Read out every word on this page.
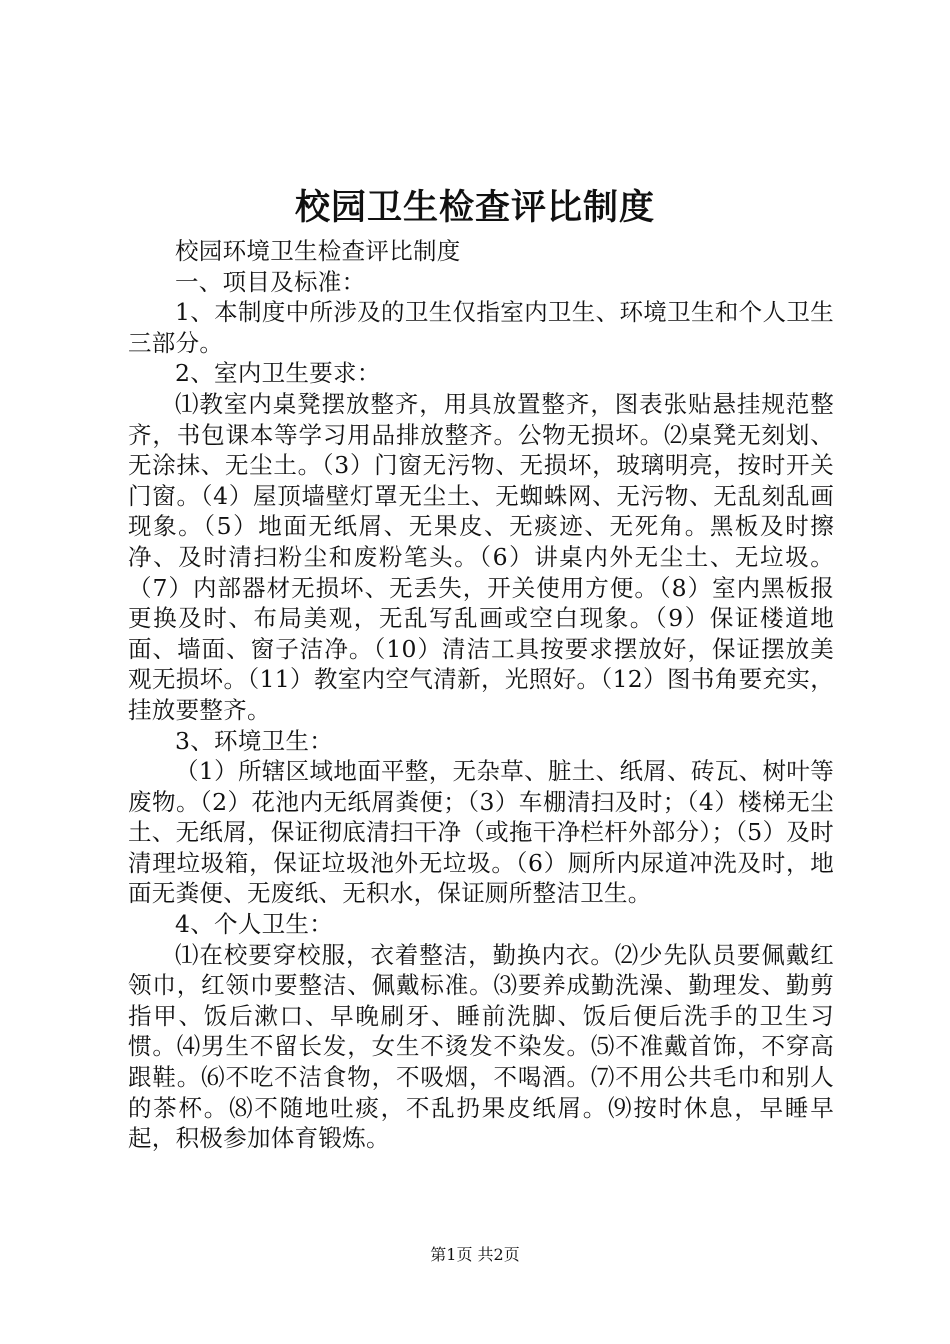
校园卫生检查评比制度

校园环境卫生检查评比制度

一、项目及标准：

1、本制度中所涉及的卫生仅指室内卫生、环境卫生和个人卫生三部分。

2、室内卫生要求：

⑴教室内桌凳摆放整齐，用具放置整齐，图表张贴悬挂规范整齐，书包课本等学习用品排放整齐。公物无损坏。⑵桌凳无刻划、无涂抹、无尘土。（3）门窗无污物、无损坏，玻璃明亮，按时开关门窗。（4）屋顶墙壁灯罩无尘土、无蜘蛛网、无污物、无乱刻乱画现象。（5）地面无纸屑、无果皮、无痰迹、无死角。黑板及时擦净、及时清扫粉尘和废粉笔头。（6）讲桌内外无尘土、无垃圾。（7）内部器材无损坏、无丢失，开关使用方便。（8）室内黑板报更换及时、布局美观，无乱写乱画或空白现象。（9）保证楼道地面、墙面、窗子洁净。（10）清洁工具按要求摆放好，保证摆放美观无损坏。（11）教室内空气清新，光照好。（12）图书角要充实，挂放要整齐。

3、环境卫生：

（1）所辖区域地面平整，无杂草、脏土、纸屑、砖瓦、树叶等废物。（2）花池内无纸屑粪便；（3）车棚清扫及时；（4）楼梯无尘土、无纸屑，保证彻底清扫干净（或拖干净栏杆外部分）；（5）及时清理垃圾箱，保证垃圾池外无垃圾。（6）厕所内尿道冲洗及时，地面无粪便、无废纸、无积水，保证厕所整洁卫生。

4、个人卫生：

⑴在校要穿校服，衣着整洁，勤换内衣。⑵少先队员要佩戴红领巾，红领巾要整洁、佩戴标准。⑶要养成勤洗澡、勤理发、勤剪指甲、饭后漱口、早晚刷牙、睡前洗脚、饭后便后洗手的卫生习惯。⑷男生不留长发，女生不烫发不染发。⑸不准戴首饰，不穿高跟鞋。⑹不吃不洁食物，不吸烟，不喝酒。⑺不用公共毛巾和别人的茶杯。⑻不随地吐痰，不乱扔果皮纸屑。⑼按时休息，早睡早起，积极参加体育锻炼。

第1页 共2页
